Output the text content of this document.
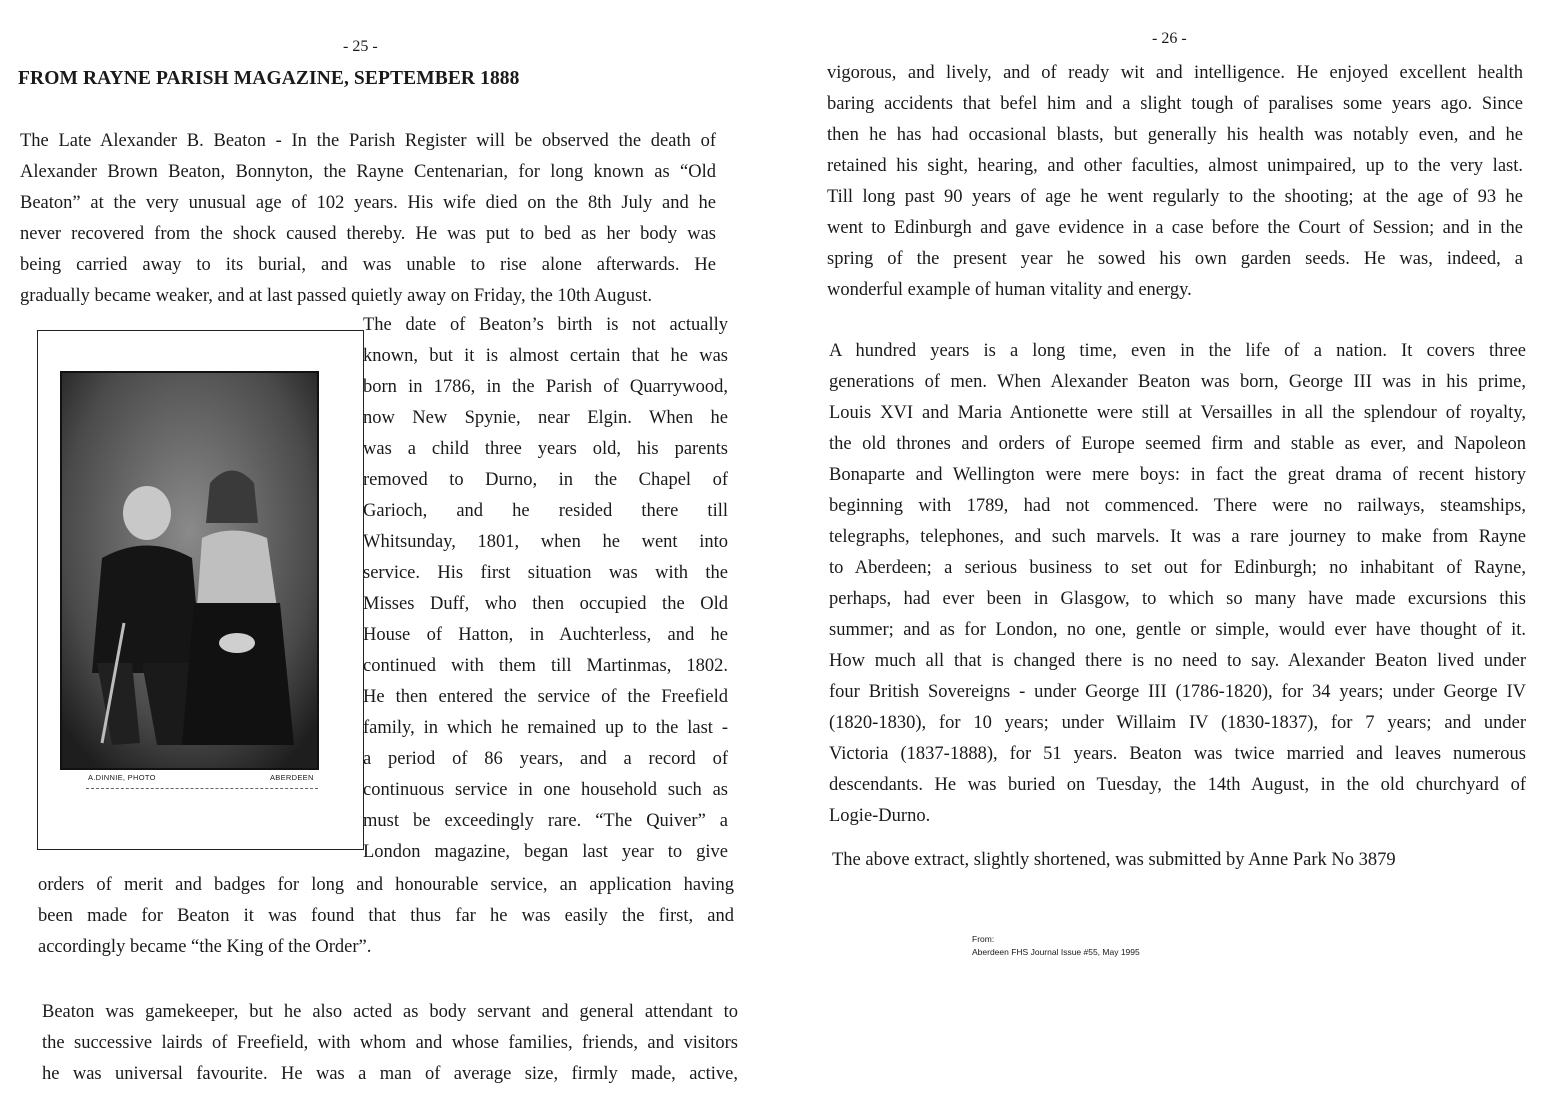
- 25 -
FROM RAYNE PARISH MAGAZINE, SEPTEMBER 1888
The Late Alexander B. Beaton - In the Parish Register will be observed the death of
Alexander Brown Beaton, Bonnyton, the Rayne Centenarian, for long known as “Old
Beaton” at the very unusual age of 102 years. His wife died on the 8th July and he
never recovered from the shock caused thereby. He was put to bed as her body was
being carried away to its burial, and was unable to rise alone afterwards. He
gradually became weaker, and at last passed quietly away on Friday, the 10th August.
A.DINNIE, PHOTO	ABERDEEN
The date of Beaton’s birth is not actually
known, but it is almost certain that he was
born in 1786, in the Parish of Quarrywood,
now New Spynie, near Elgin. When he
was a child three years old, his parents
removed to Durno, in the Chapel of
Garioch, and he resided there till
Whitsunday, 1801, when he went into
service. His first situation was with the
Misses Duff, who then occupied the Old
House of Hatton, in Auchterless, and he
continued with them till Martinmas, 1802.
He then entered the service of the Freefield
family, in which he remained up to the last -
a period of 86 years, and a record of
continuous service in one household such as
must be exceedingly rare. “The Quiver” a
London magazine, began last year to give
orders of merit and badges for long and honourable service, an application having
been made for Beaton it was found that thus far he was easily the first, and
accordingly became “the King of the Order”.
Beaton was gamekeeper, but he also acted as body servant and general attendant to
the successive lairds of Freefield, with whom and whose families, friends, and visitors
he was universal favourite. He was a man of average size, firmly made, active,
- 26 -
vigorous, and lively, and of ready wit and intelligence. He enjoyed excellent health
baring accidents that befel him and a slight tough of paralises some years ago. Since
then he has had occasional blasts, but generally his health was notably even, and he
retained his sight, hearing, and other faculties, almost unimpaired, up to the very last.
Till long past 90 years of age he went regularly to the shooting; at the age of 93 he
went to Edinburgh and gave evidence in a case before the Court of Session; and in the
spring of the present year he sowed his own garden seeds. He was, indeed, a
wonderful example of human vitality and energy.
A hundred years is a long time, even in the life of a nation. It covers three
generations of men. When Alexander Beaton was born, George III was in his prime,
Louis XVI and Maria Antionette were still at Versailles in all the splendour of royalty,
the old thrones and orders of Europe seemed firm and stable as ever, and Napoleon
Bonaparte and Wellington were mere boys: in fact the great drama of recent history
beginning with 1789, had not commenced. There were no railways, steamships,
telegraphs, telephones, and such marvels. It was a rare journey to make from Rayne
to Aberdeen; a serious business to set out for Edinburgh; no inhabitant of Rayne,
perhaps, had ever been in Glasgow, to which so many have made excursions this
summer; and as for London, no one, gentle or simple, would ever have thought of it.
How much all that is changed there is no need to say. Alexander Beaton lived under
four British Sovereigns - under George III (1786-1820), for 34 years; under George IV
(1820-1830), for 10 years; under Willaim IV (1830-1837), for 7 years; and under
Victoria (1837-1888), for 51 years. Beaton was twice married and leaves numerous
descendants. He was buried on Tuesday, the 14th August, in the old churchyard of
Logie-Durno.
The above extract, slightly shortened, was submitted by Anne Park No 3879
From:
Aberdeen FHS Journal Issue #55, May 1995
